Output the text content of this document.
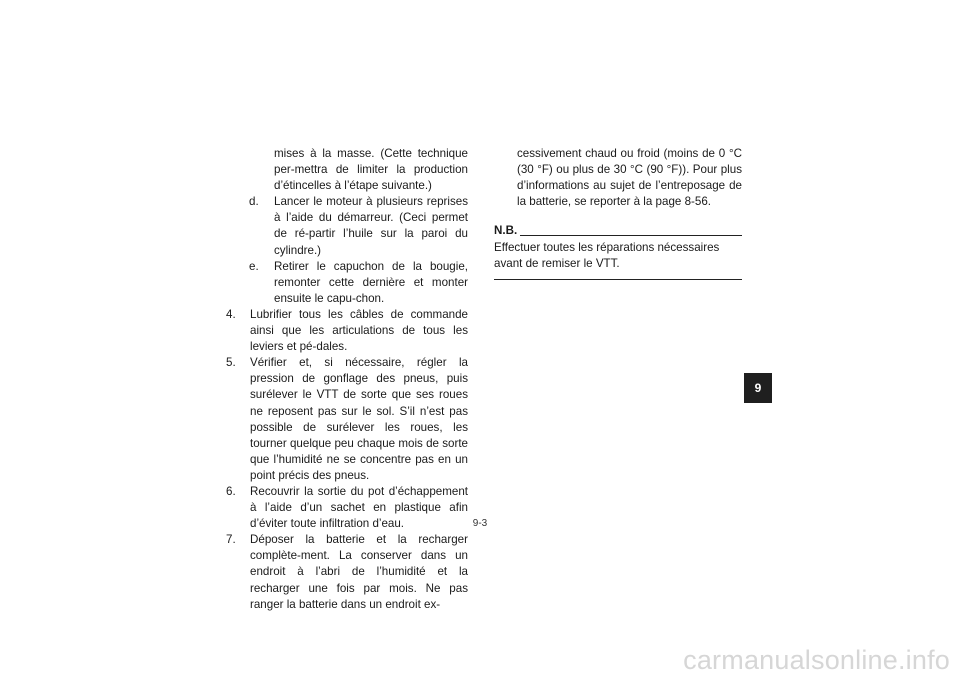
mises à la masse. (Cette technique per-mettra de limiter la production d’étincelles à l’étape suivante.)

d. Lancer le moteur à plusieurs reprises à l’aide du démarreur. (Ceci permet de ré-partir l’huile sur la paroi du cylindre.)
e. Retirer le capuchon de la bougie, remonter cette dernière et monter ensuite le capu-chon.
4. Lubrifier tous les câbles de commande ainsi que les articulations de tous les leviers et pé-dales.
5. Vérifier et, si nécessaire, régler la pression de gonflage des pneus, puis surélever le VTT de sorte que ses roues ne reposent pas sur le sol. S’il n’est pas possible de surélever les roues, les tourner quelque peu chaque mois de sorte que l’humidité ne se concentre pas en un point précis des pneus.
6. Recouvrir la sortie du pot d’échappement à l’aide d’un sachet en plastique afin d’éviter toute infiltration d’eau.
7. Déposer la batterie et la recharger complète-ment. La conserver dans un endroit à l’abri de l’humidité et la recharger une fois par mois. Ne pas ranger la batterie dans un endroit ex-

cessivement chaud ou froid (moins de 0 °C (30 °F) ou plus de 30 °C (90 °F)). Pour plus d’informations au sujet de l’entreposage de la batterie, se reporter à la page 8-56.

N.B.

Effectuer toutes les réparations nécessaires avant de remiser le VTT.

9-3
9
carmanualsonline.info
